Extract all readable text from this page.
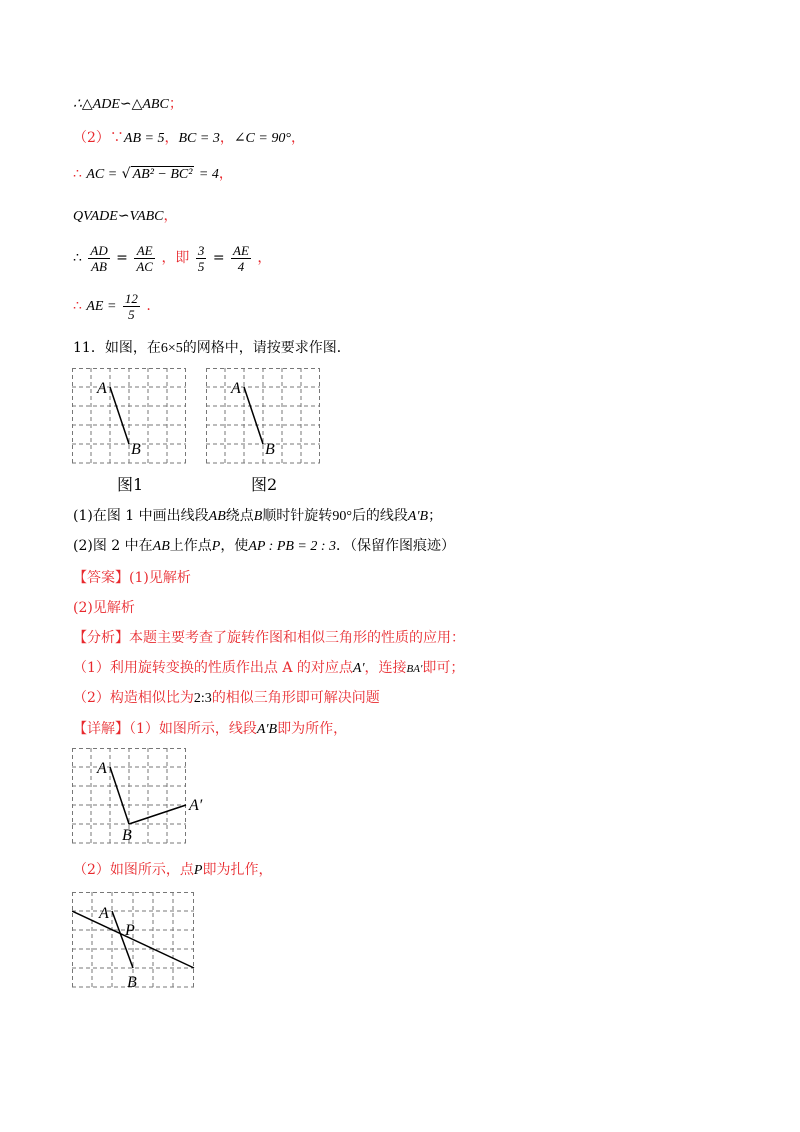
∴△ADE∽△ABC；
（2）∵AB = 5，BC = 3，∠C = 90°，
∴ AC = √ AB² − BC² = 4，
QVADE∽VABC，
∴ $\frac{AD}{AB} = \frac{AE}{AC}$ ，即 $\frac{3}{5} = \frac{AE}{4}$ ，
∴ AE = $\frac{12}{5}$ .
11．如图，在6×5的网格中，请按要求作图．
A
B
图1
A
B
图2
(1)在图 1 中画出线段AB绕点B顺时针旋转90°后的线段A′B；
(2)图 2 中在AB上作点P，使AP : PB = 2 : 3．（保留作图痕迹）
【答案】(1)见解析
(2)见解析
【分析】本题主要考查了旋转作图和相似三角形的性质的应用：
（1）利用旋转变换的性质作出点 A 的对应点A′，连接BA′即可；
（2）构造相似比为2:3的相似三角形即可解决问题
【详解】（1）如图所示，线段A′B即为所作，
A
B
A′
（2）如图所示，点P即为扎作，
A
P
B
